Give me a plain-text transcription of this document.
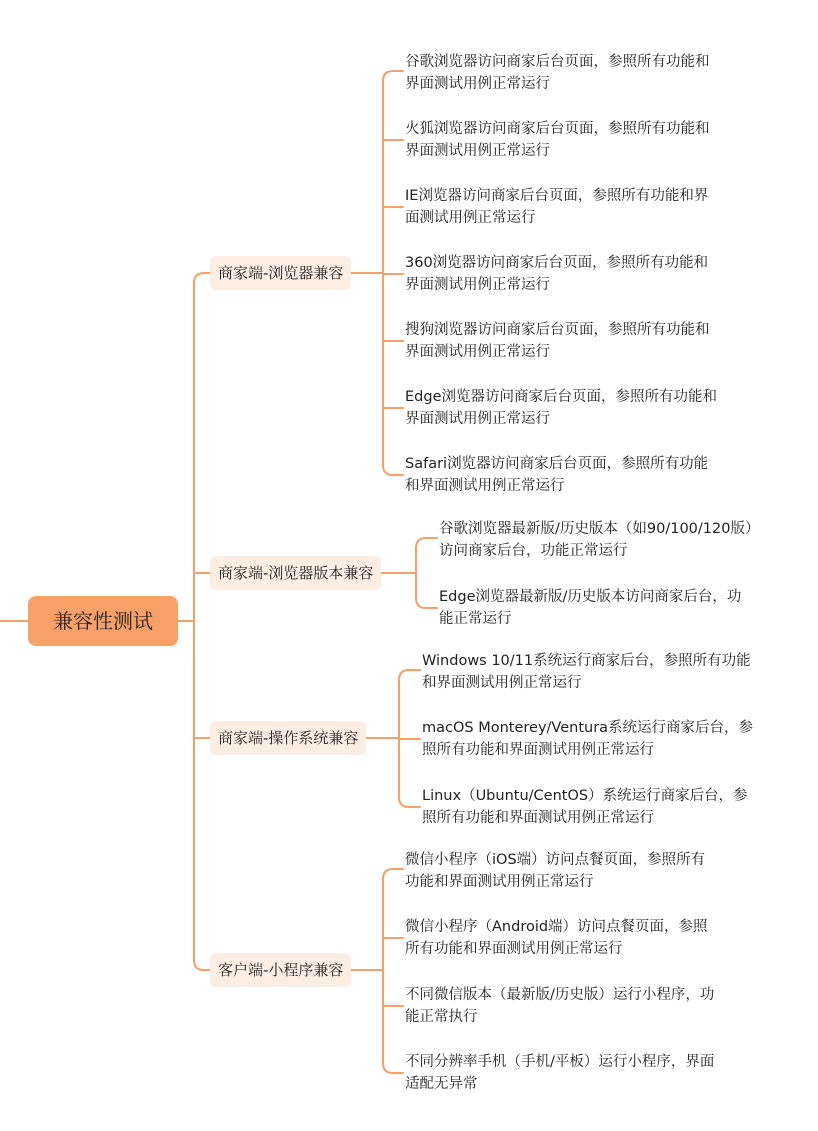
兼容性测试
商家端-浏览器兼容
谷歌浏览器访问商家后台页面，参照所有功能和
界面测试用例正常运行
火狐浏览器访问商家后台页面，参照所有功能和
界面测试用例正常运行
IE浏览器访问商家后台页面，参照所有功能和界
面测试用例正常运行
360浏览器访问商家后台页面，参照所有功能和
界面测试用例正常运行
搜狗浏览器访问商家后台页面，参照所有功能和
界面测试用例正常运行
Edge浏览器访问商家后台页面，参照所有功能和
界面测试用例正常运行
Safari浏览器访问商家后台页面，参照所有功能
和界面测试用例正常运行
商家端-浏览器版本兼容
谷歌浏览器最新版/历史版本（如90/100/120版）
访问商家后台，功能正常运行
Edge浏览器最新版/历史版本访问商家后台，功
能正常运行
商家端-操作系统兼容
Windows 10/11系统运行商家后台，参照所有功能
和界面测试用例正常运行
macOS Monterey/Ventura系统运行商家后台，参
照所有功能和界面测试用例正常运行
Linux（Ubuntu/CentOS）系统运行商家后台，参
照所有功能和界面测试用例正常运行
客户端-小程序兼容
微信小程序（iOS端）访问点餐页面，参照所有
功能和界面测试用例正常运行
微信小程序（Android端）访问点餐页面，参照
所有功能和界面测试用例正常运行
不同微信版本（最新版/历史版）运行小程序，功
能正常执行
不同分辨率手机（手机/平板）运行小程序，界面
适配无异常
